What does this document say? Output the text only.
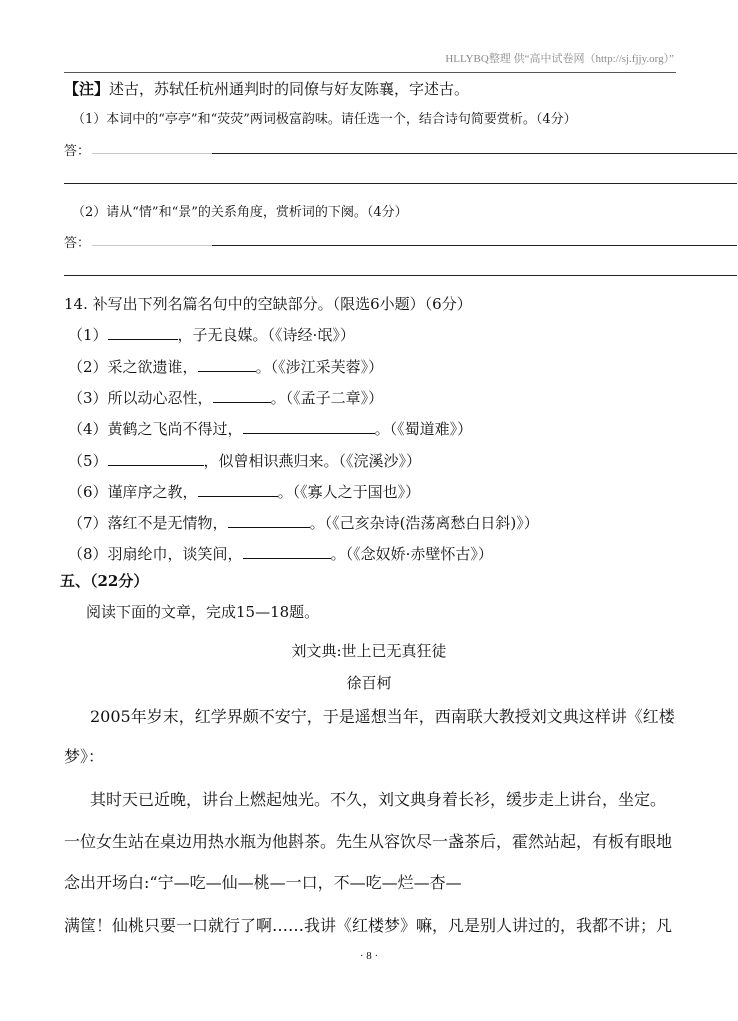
HLLYBQ整理 供“高中试卷网（http://sj.fjjy.org）”
【注】述古，苏轼任杭州通判时的同僚与好友陈襄，字述古。
（1）本词中的“亭亭”和“荧荧”两词极富韵味。请任选一个，结合诗句简要赏析。（4分）
答：
（2）请从“情”和“景”的关系角度，赏析词的下阕。（4分）
答：
14. 补写出下列名篇名句中的空缺部分。（限选6小题）（6分）
（1）	，子无良媒。（《诗经·氓》）
（2）采之欲遗谁，	。（《涉江采芙蓉》）
（3）所以动心忍性，	。（《孟子二章》）
（4）黄鹤之飞尚不得过，	。（《蜀道难》）
（5）	，似曾相识燕归来。（《浣溪沙》）
（6）谨庠序之教，	。（《寡人之于国也》）
（7）落红不是无情物，	。（《己亥杂诗(浩荡离愁白日斜)》）
（8）羽扇纶巾，谈笑间，	。（《念奴娇·赤壁怀古》）
五、（22分）
阅读下面的文章，完成15—18题。
刘文典:世上已无真狂徒
徐百柯
2005年岁末，红学界颇不安宁，于是遥想当年，西南联大教授刘文典这样讲《红楼
梦》：
其时天已近晚，讲台上燃起烛光。不久，刘文典身着长衫，缓步走上讲台，坐定。
一位女生站在桌边用热水瓶为他斟茶。先生从容饮尽一盏茶后，霍然站起，有板有眼地
念出开场白:“宁—吃—仙—桃—一口，不—吃—烂—杏—
满筐！仙桃只要一口就行了啊……我讲《红楼梦》嘛，凡是别人讲过的，我都不讲；凡
· 8 ·
